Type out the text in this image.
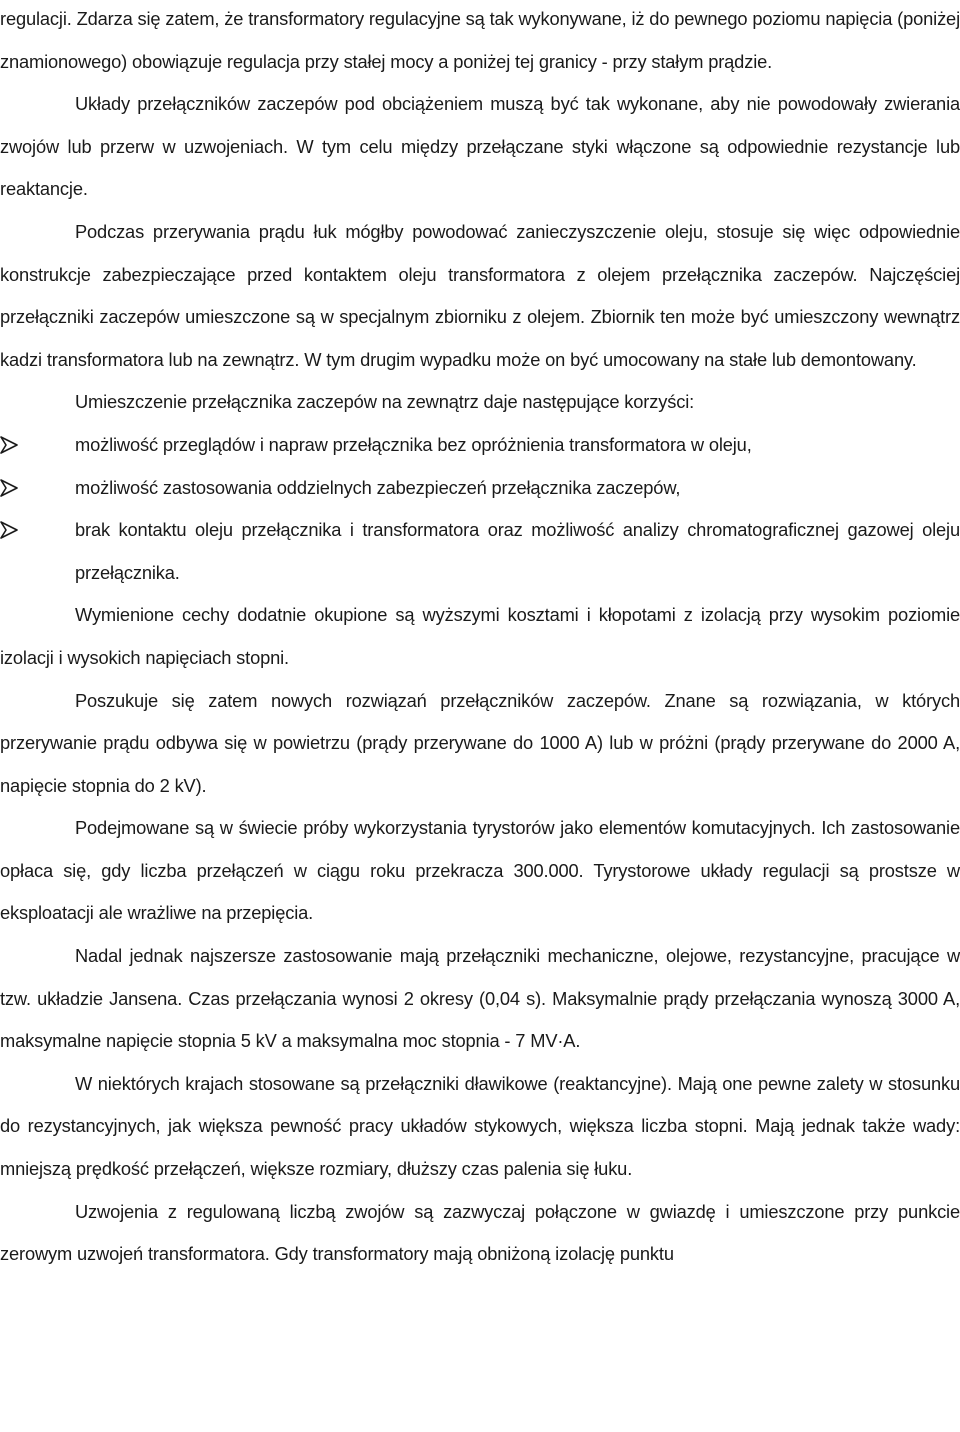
regulacji. Zdarza się zatem, że transformatory regulacyjne są tak wykonywane, iż do pewnego poziomu napięcia (poniżej znamionowego) obowiązuje regulacja przy stałej mocy a poniżej tej granicy - przy stałym prądzie.

Układy przełączników zaczepów pod obciążeniem muszą być tak wykonane, aby nie powodowały zwierania zwojów lub przerw w uzwojeniach. W tym celu między przełączane styki włączone są odpowiednie rezystancje lub reaktancje.

Podczas przerywania prądu łuk mógłby powodować zanieczyszczenie oleju, stosuje się więc odpowiednie konstrukcje zabezpieczające przed kontaktem oleju transformatora z olejem przełącznika zaczepów. Najczęściej przełączniki zaczepów umieszczone są w specjalnym zbiorniku z olejem. Zbiornik ten może być umieszczony wewnątrz kadzi transformatora lub na zewnątrz. W tym drugim wypadku może on być umocowany na stałe lub demontowany.

Umieszczenie przełącznika zaczepów na zewnątrz daje następujące korzyści:

możliwość przeglądów i napraw przełącznika bez opróżnienia transformatora w oleju,
możliwość zastosowania oddzielnych zabezpieczeń przełącznika zaczepów,
brak kontaktu oleju przełącznika i transformatora oraz możliwość analizy chromatograficznej gazowej oleju przełącznika.

Wymienione cechy dodatnie okupione są wyższymi kosztami i kłopotami z izolacją przy wysokim poziomie izolacji i wysokich napięciach stopni.

Poszukuje się zatem nowych rozwiązań przełączników zaczepów. Znane są rozwiązania, w których przerywanie prądu odbywa się w powietrzu (prądy przerywane do 1000 A) lub w próżni (prądy przerywane do 2000 A, napięcie stopnia do 2 kV).

Podejmowane są w świecie próby wykorzystania tyrystorów jako elementów komutacyjnych. Ich zastosowanie opłaca się, gdy liczba przełączeń w ciągu roku przekracza 300.000. Tyrystorowe układy regulacji są prostsze w eksploatacji ale wrażliwe na przepięcia.

Nadal jednak najszersze zastosowanie mają przełączniki mechaniczne, olejowe, rezystancyjne, pracujące w tzw. układzie Jansena. Czas przełączania wynosi 2 okresy (0,04 s). Maksymalnie prądy przełączania wynoszą 3000 A, maksymalne napięcie stopnia 5 kV a maksymalna moc stopnia - 7 MV·A.

W niektórych krajach stosowane są przełączniki dławikowe (reaktancyjne). Mają one pewne zalety w stosunku do rezystancyjnych, jak większa pewność pracy układów stykowych, większa liczba stopni. Mają jednak także wady: mniejszą prędkość przełączeń, większe rozmiary, dłuższy czas palenia się łuku.

Uzwojenia z regulowaną liczbą zwojów są zazwyczaj połączone w gwiazdę i umieszczone przy punkcie zerowym uzwojeń transformatora. Gdy transformatory mają obniżoną izolację punktu
